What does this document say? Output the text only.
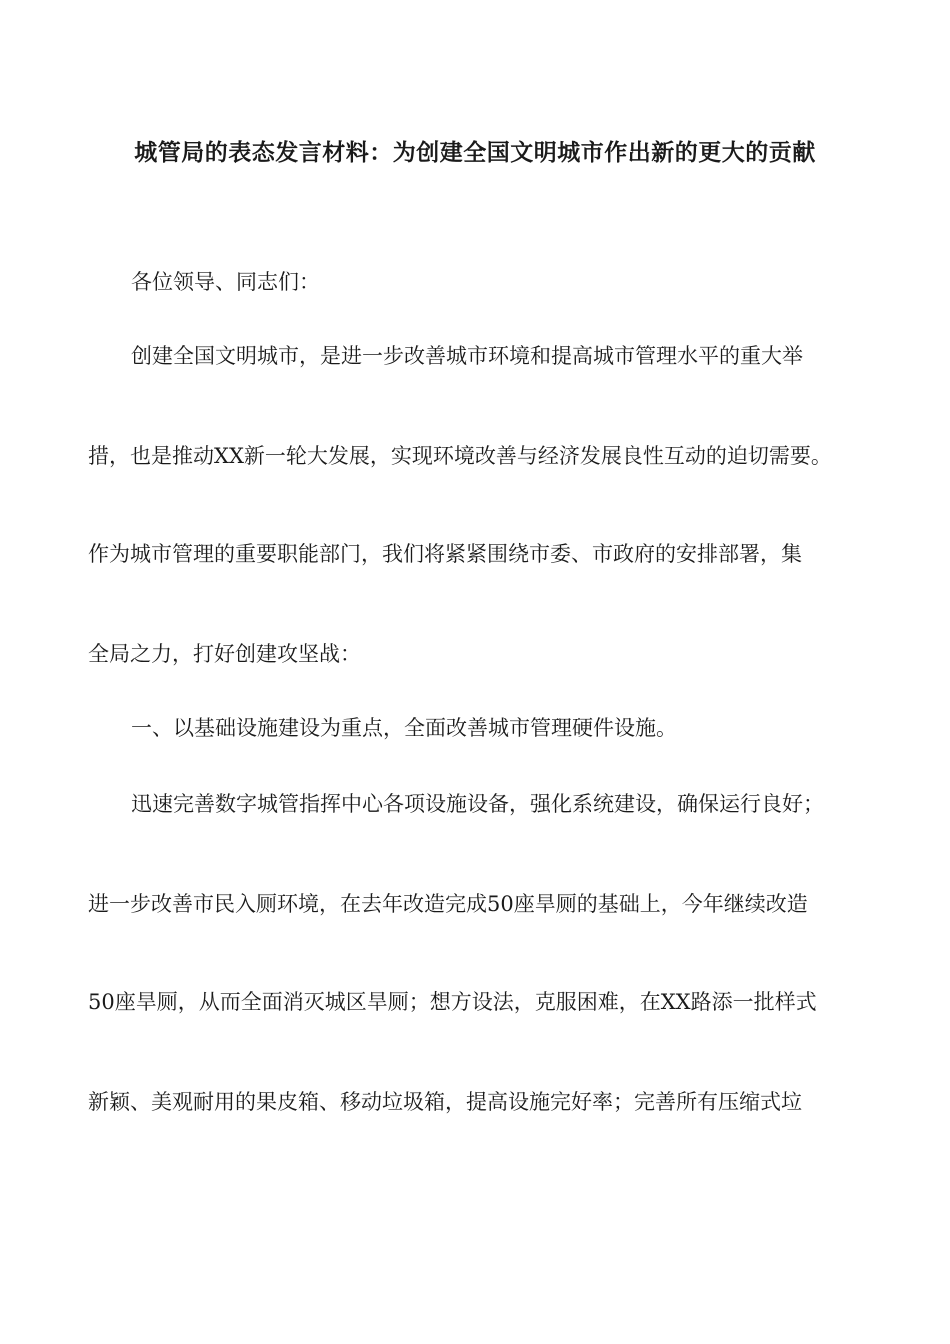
城管局的表态发言材料：为创建全国文明城市作出新的更大的贡献
各位领导、同志们：
创建全国文明城市，是进一步改善城市环境和提高城市管理水平的重大举
措，也是推动XX新一轮大发展，实现环境改善与经济发展良性互动的迫切需要。
作为城市管理的重要职能部门，我们将紧紧围绕市委、市政府的安排部署，集
全局之力，打好创建攻坚战：
一、以基础设施建设为重点，全面改善城市管理硬件设施。
迅速完善数字城管指挥中心各项设施设备，强化系统建设，确保运行良好；
进一步改善市民入厕环境，在去年改造完成50座旱厕的基础上，今年继续改造
50座旱厕，从而全面消灭城区旱厕；想方设法，克服困难，在XX路添一批样式
新颖、美观耐用的果皮箱、移动垃圾箱，提高设施完好率；完善所有压缩式垃
